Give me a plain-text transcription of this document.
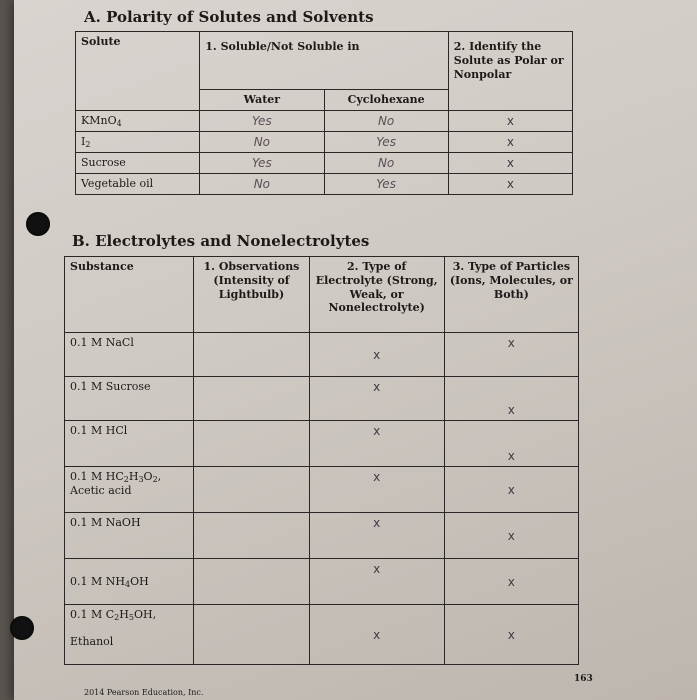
A. Polarity of Solutes and Solvents
Solute	1. Soluble/Not Soluble in		2. Identify the Solute as Polar or Nonpolar
	Water	Cyclohexane	
KMnO$_4$	Yes	No	x
$I_2$	No	Yes	x
Sucrose	Yes	No	x
Vegetable oil	No	Yes	x
B. Electrolytes and Nonelectrolytes
Substance	1. Observations (Intensity of Lightbulb)	2. Type of Electrolyte (Strong, Weak, or Nonelectrolyte)	3. Type of Particles (Ions, Molecules, or Both)
0.1 M NaCl		x	x
0.1 M Sucrose		x	x
0.1 M HCl		x	x
0.1 M $HC_2H_3O_2$,
Acetic acid		x	x
0.1 M NaOH		x	x
0.1 M $NH_4OH$		x	x
0.1 M $C_2H_5OH$,

Ethanol		x	x
163
2014 Pearson Education, Inc.
